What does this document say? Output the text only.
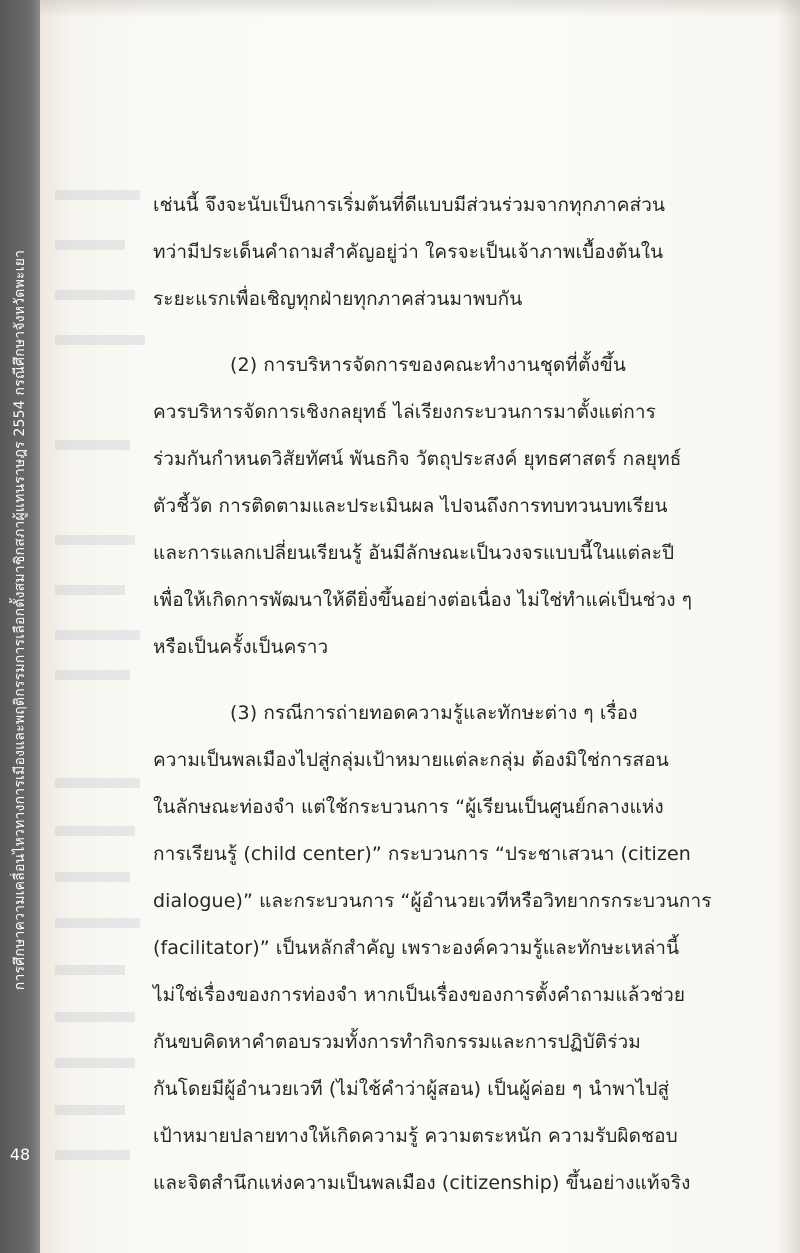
การศึกษาความเคลื่อนไหวทางการเมืองและพฤติกรรมการเลือกตั้งสมาชิกสภาผู้แทนราษฎร 2554 กรณีศึกษาจังหวัดพะเยา
48
เช่นนี้ จึงจะนับเป็นการเริ่มต้นที่ดีแบบมีส่วนร่วมจากทุกภาคส่วน
ทว่ามีประเด็นคำถามสำคัญอยู่ว่า ใครจะเป็นเจ้าภาพเบื้องต้นใน
ระยะแรกเพื่อเชิญทุกฝ่ายทุกภาคส่วนมาพบกัน
(2) การบริหารจัดการของคณะทำงานชุดที่ตั้งขึ้น
ควรบริหารจัดการเชิงกลยุทธ์ ไล่เรียงกระบวนการมาตั้งแต่การ
ร่วมกันกำหนดวิสัยทัศน์ พันธกิจ วัตถุประสงค์ ยุทธศาสตร์ กลยุทธ์
ตัวชี้วัด การติดตามและประเมินผล ไปจนถึงการทบทวนบทเรียน
และการแลกเปลี่ยนเรียนรู้ อันมีลักษณะเป็นวงจรแบบนี้ในแต่ละปี
เพื่อให้เกิดการพัฒนาให้ดียิ่งขึ้นอย่างต่อเนื่อง ไม่ใช่ทำแค่เป็นช่วง ๆ
หรือเป็นครั้งเป็นคราว
(3) กรณีการถ่ายทอดความรู้และทักษะต่าง ๆ เรื่อง
ความเป็นพลเมืองไปสู่กลุ่มเป้าหมายแต่ละกลุ่ม ต้องมิใช่การสอน
ในลักษณะท่องจำ แต่ใช้กระบวนการ “ผู้เรียนเป็นศูนย์กลางแห่ง
การเรียนรู้ (child center)” กระบวนการ “ประชาเสวนา (citizen
dialogue)” และกระบวนการ “ผู้อำนวยเวทีหรือวิทยากรกระบวนการ
(facilitator)” เป็นหลักสำคัญ เพราะองค์ความรู้และทักษะเหล่านี้
ไม่ใช่เรื่องของการท่องจำ หากเป็นเรื่องของการตั้งคำถามแล้วช่วย
กันขบคิดหาคำตอบรวมทั้งการทำกิจกรรมและการปฏิบัติร่วม
กันโดยมีผู้อำนวยเวที (ไม่ใช้คำว่าผู้สอน) เป็นผู้ค่อย ๆ นำพาไปสู่
เป้าหมายปลายทางให้เกิดความรู้ ความตระหนัก ความรับผิดชอบ
และจิตสำนึกแห่งความเป็นพลเมือง (citizenship) ขึ้นอย่างแท้จริง
